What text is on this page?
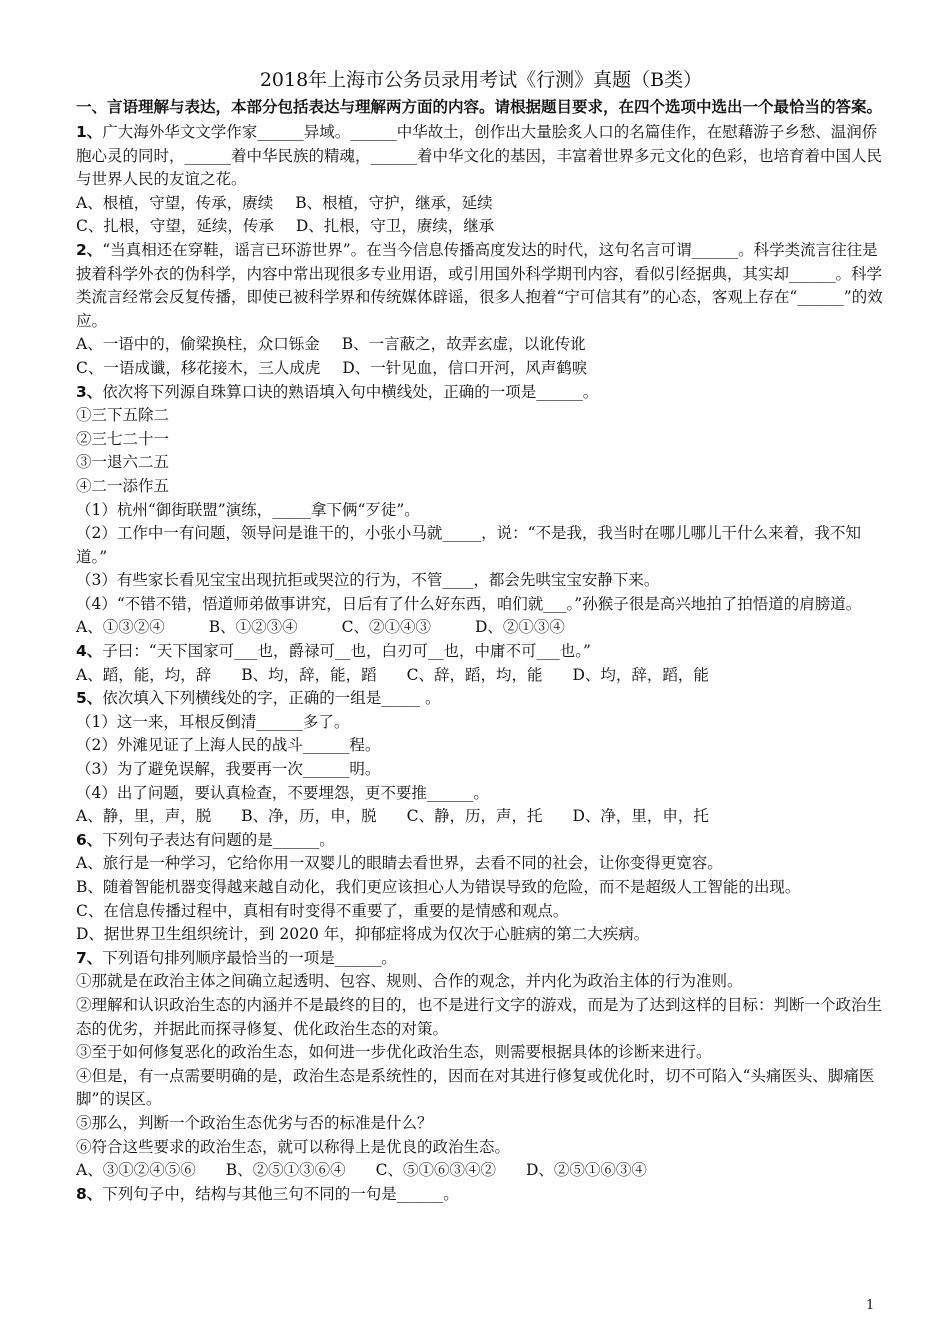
2018年上海市公务员录用考试《行测》真题（B类）

一、言语理解与表达，本部分包括表达与理解两方面的内容。请根据题目要求，在四个选项中选出一个最恰当的答案。

1、广大海外华文文学作家______异域。______中华故土，创作出大量脍炙人口的名篇佳作，在慰藉游子乡愁、温润侨胞心灵的同时，______着中华民族的精魂，______着中华文化的基因，丰富着世界多元文化的色彩，也培育着中国人民与世界人民的友谊之花。

A、根植，守望，传承，赓续 B、根植，守护，继承，延续
C、扎根，守望，延续，传承 D、扎根，守卫，赓续，继承

2、“当真相还在穿鞋，谣言已环游世界”。在当今信息传播高度发达的时代，这句名言可谓______。科学类流言往往是披着科学外衣的伪科学，内容中常出现很多专业用语，或引用国外科学期刊内容，看似引经据典，其实却______。科学类流言经常会反复传播，即使已被科学界和传统媒体辟谣，很多人抱着“宁可信其有”的心态，客观上存在“______”的效应。

A、一语中的，偷梁换柱，众口铄金 B、一言蔽之，故弄玄虚，以讹传讹
C、一语成谶，移花接木，三人成虎 D、一针见血，信口开河，风声鹤唳

3、依次将下列源自珠算口诀的熟语填入句中横线处，正确的一项是______。

①三下五除二

②三七二十一

③一退六二五

④二一添作五

（1）杭州“御街联盟”演练，_____拿下俩“歹徒”。

（2）工作中一有问题，领导问是谁干的，小张小马就_____，说：“不是我，我当时在哪儿哪儿干什么来着，我不知道。”

（3）有些家长看见宝宝出现抗拒或哭泣的行为，不管____，都会先哄宝宝安静下来。

（4）“不错不错，悟道师弟做事讲究，日后有了什么好东西，咱们就___。”孙猴子很是高兴地拍了拍悟道的肩膀道。

A、①③②④	B、①②③④	C、②①④③	D、②①③④

4、子曰：“天下国家可___也，爵禄可__也，白刃可__也，中庸不可___也。”

A、蹈，能，均，辞 B、均，辞，能，蹈 C、辞，蹈，均，能 D、均，辞，蹈，能

5、依次填入下列横线处的字，正确的一组是_____ 。

（1）这一来，耳根反倒清______多了。

（2）外滩见证了上海人民的战斗______程。

（3）为了避免误解，我要再一次______明。

（4）出了问题，要认真检查，不要埋怨，更不要推______。

A、静，里，声，脱 B、净，历，申，脱 C、静，历，声，托 D、净，里，申，托

6、下列句子表达有问题的是______。

A、旅行是一种学习，它给你用一双婴儿的眼睛去看世界，去看不同的社会，让你变得更宽容。

B、随着智能机器变得越来越自动化，我们更应该担心人为错误导致的危险，而不是超级人工智能的出现。

C、在信息传播过程中，真相有时变得不重要了，重要的是情感和观点。

D、据世界卫生组织统计，到 2020 年，抑郁症将成为仅次于心脏病的第二大疾病。

7、下列语句排列顺序最恰当的一项是______。

①那就是在政治主体之间确立起透明、包容、规则、合作的观念，并内化为政治主体的行为准则。

②理解和认识政治生态的内涵并不是最终的目的，也不是进行文字的游戏，而是为了达到这样的目标：判断一个政治生态的优劣，并据此而探寻修复、优化政治生态的对策。

③至于如何修复恶化的政治生态，如何进一步优化政治生态，则需要根据具体的诊断来进行。

④但是，有一点需要明确的是，政治生态是系统性的，因而在对其进行修复或优化时，切不可陷入“头痛医头、脚痛医脚”的误区。

⑤那么，判断一个政治生态优劣与否的标准是什么？

⑥符合这些要求的政治生态，就可以称得上是优良的政治生态。

A、③①②④⑤⑥ B、②⑤①③⑥④ C、⑤①⑥③④② D、②⑤①⑥③④

8、下列句子中，结构与其他三句不同的一句是______。

1
